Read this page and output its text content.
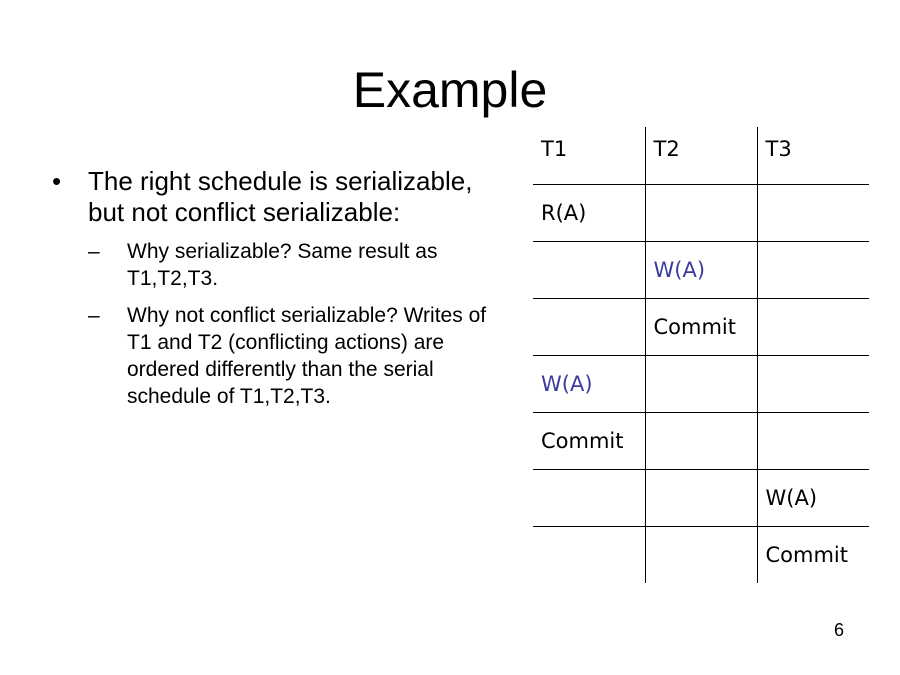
Example
•	The right schedule is serializable, but not conflict serializable:
–	Why serializable? Same result as T1,T2,T3.
–	Why not conflict serializable? Writes of T1 and T2 (conflicting actions) are ordered differently than the serial schedule of T1,T2,T3.
T1	T2	T3
R(A)		
	W(A)	
	Commit	
W(A)		
Commit		
		W(A)
		Commit
6
